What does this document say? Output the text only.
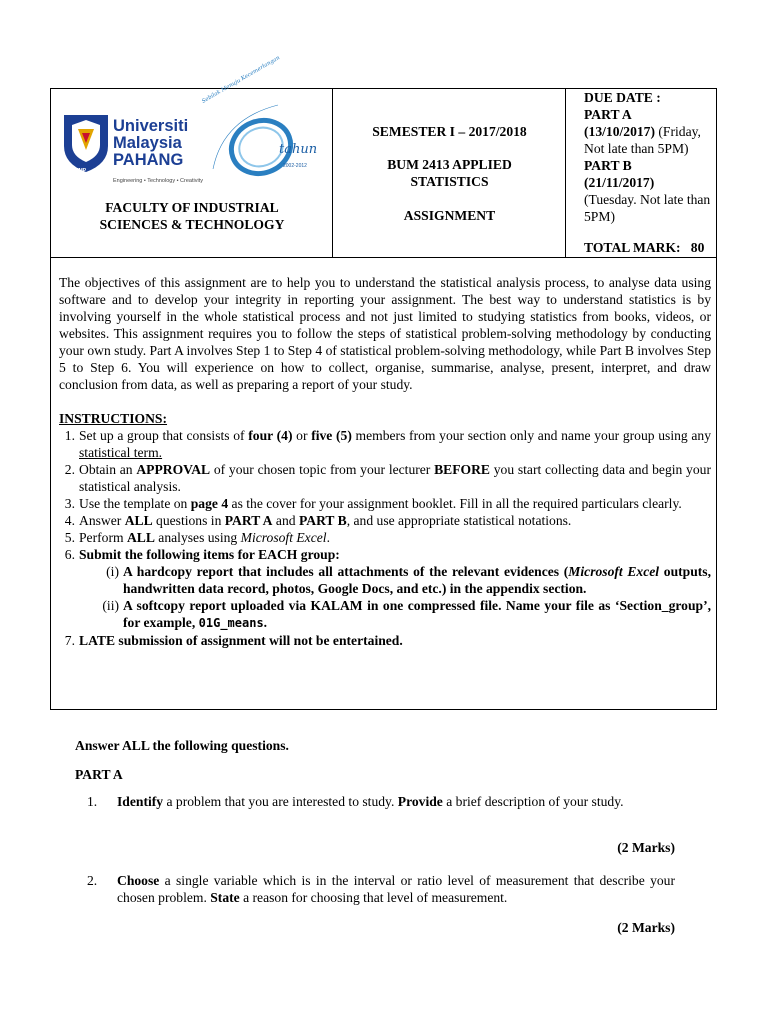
UMP
Universiti
Malaysia
PAHANG
Engineering • Technology • Creativity
Sebilak Menuju Kecemerlangan
tahun
2002-2012
FACULTY OF INDUSTRIAL
SCIENCES & TECHNOLOGY
SEMESTER I – 2017/2018
BUM 2413 APPLIED
STATISTICS
ASSIGNMENT
DUE DATE :
PART A
(13/10/2017) (Friday, Not late than 5PM)
PART B
(21/11/2017)
(Tuesday. Not late than 5PM)
TOTAL MARK: 80

The objectives of this assignment are to help you to understand the statistical analysis process, to analyse data using software and to develop your integrity in reporting your assignment. The best way to understand statistics is by involving yourself in the whole statistical process and not just limited to studying statistics from books, videos, or websites. This assignment requires you to follow the steps of statistical problem-solving methodology by conducting your own study. Part A involves Step 1 to Step 4 of statistical problem-solving methodology, while Part B involves Step 5 to Step 6. You will experience on how to collect, organise, summarise, analyse, present, interpret, and draw conclusion from data, as well as preparing a report of your study.

INSTRUCTIONS:
1. Set up a group that consists of four (4) or five (5) members from your section only and name your group using any statistical term.
2. Obtain an APPROVAL of your chosen topic from your lecturer BEFORE you start collecting data and begin your statistical analysis.
3. Use the template on page 4 as the cover for your assignment booklet. Fill in all the required particulars clearly.
4. Answer ALL questions in PART A and PART B, and use appropriate statistical notations.
5. Perform ALL analyses using Microsoft Excel.
6. Submit the following items for EACH group:
(i) A hardcopy report that includes all attachments of the relevant evidences (Microsoft Excel outputs, handwritten data record, photos, Google Docs, and etc.) in the appendix section.
(ii) A softcopy report uploaded via KALAM in one compressed file. Name your file as ‘Section_group’, for example, 01G_means.
7. LATE submission of assignment will not be entertained.
Answer ALL the following questions.
PART A
1. Identify a problem that you are interested to study. Provide a brief description of your study.
(2 Marks)
2. Choose a single variable which is in the interval or ratio level of measurement that describe your chosen problem. State a reason for choosing that level of measurement.
(2 Marks)
